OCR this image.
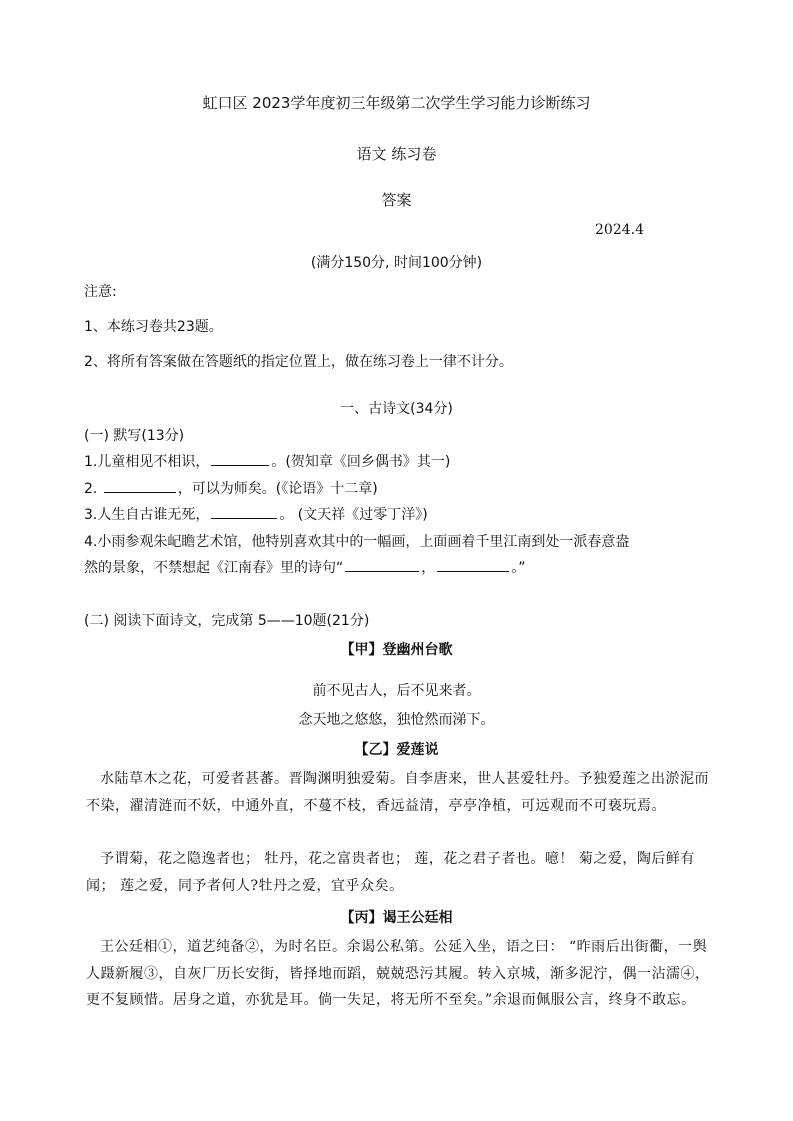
虹口区 2023学年度初三年级第二次学生学习能力诊断练习
语文 练习卷
答案
2024.4
(满分150分, 时间100分钟)
注意:
1、本练习卷共23题。
2、将所有答案做在答题纸的指定位置上，做在练习卷上一律不计分。
一、古诗文(34分)
(一) 默写(13分)
1.儿童相见不相识，	。(贺知章《回乡偶书》其一)
2.	，可以为师矣。(《论语》十二章)
3.人生自古谁无死，	。 (文天祥《过零丁洋》)
4.小雨参观朱屺瞻艺术馆，他特别喜欢其中的一幅画，上面画着千里江南到处一派春意盎
然的景象，不禁想起《江南春》里的诗句“	，	。”
(二) 阅读下面诗文，完成第 5——10题(21分)
【甲】登幽州台歌
前不见古人，后不见来者。
念天地之悠悠，独怆然而涕下。
【乙】爱莲说
水陆草木之花，可爱者甚蕃。晋陶渊明独爱菊。自李唐来，世人甚爱牡丹。予独爱莲之出淤泥而不染，濯清涟而不妖，中通外直，不蔓不枝，香远益清，亭亭净植，可远观而不可亵玩焉。
予谓菊，花之隐逸者也； 牡丹，花之富贵者也； 莲，花之君子者也。噫！ 菊之爱，陶后鲜有闻； 莲之爱，同予者何人?牡丹之爱，宜乎众矣。
【丙】谒王公廷相
王公廷相①，道艺纯备②，为时名臣。余谒公私第。公延入坐，语之曰： “昨雨后出街衢，一舆人蹑新履③，自灰厂历长安街，皆择地而蹈，兢兢恐污其履。转入京城，渐多泥泞，偶一沾濡④，更不复顾惜。居身之道，亦犹是耳。倘一失足，将无所不至矣。”余退而佩服公言，终身不敢忘。
